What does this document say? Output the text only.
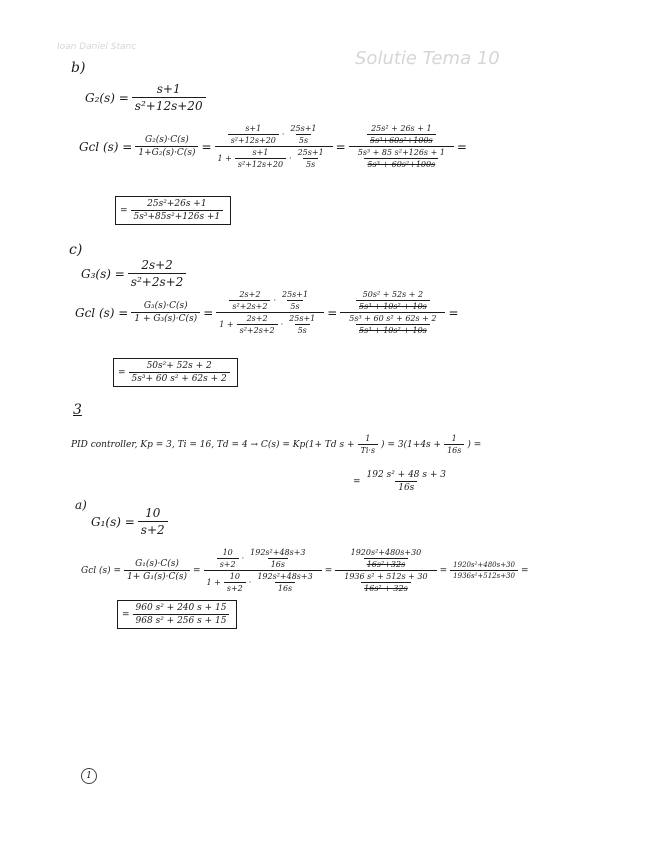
Ioan Daniel Stanc
Solutie Tema 10
b)
$G_2(s) = \frac{s+1}{\text{s²+12s+20}}$
Gcl $(s) = \frac{\text{G₂(s)·C(s)}}{\text{1+G₂(s)·C(s)}} = \frac{\frac{s+1}{\text{s²+12s+20}} \cdot \frac{25s+1}{5s}}{1 + \frac{s+1}{\text{s²+12s+20}} \cdot \frac{25s+1}{5s}} = \frac{\frac{\text{25s² + 26s + 1}}{\text{5s³+60s²+100s}}}{\frac{\text{5s³ + 85 s²+126s + 1}}{\text{5s³ + 60s²+100s}}}$ =
= $\frac{\text{25s²+26s +1}}{\text{5s³+85s²+126s +1}}$
c)
$G_3(s) = \frac{2s+2}{\text{s²+2s+2}}$
Gcl $(s) = \frac{\text{G₃(s)·C(s)}}{\text{1 + G₃(s)·C(s)}} = \frac{\frac{2s+2}{\text{s²+2s+2}} \cdot \frac{25s+1}{5s}}{1 + \frac{2s+2}{\text{s²+2s+2}} \cdot \frac{25s+1}{5s}} = \frac{\frac{\text{50s² + 52s + 2}}{\text{5s³ + 10s² + 10s}}}{\frac{\text{5s³ + 60 s² + 62s + 2}}{\text{5s³ + 10s² + 10s}}}$ =
= $\frac{\text{50s²+ 52s + 2}}{\text{5s³+ 60 s² + 62s + 2}}$
3
PID controller, Kp = 3, Ti = 16, Td = 4 → C(s) = Kp(1+ Td $s + \frac{1}{Ti\cdot s}$ ) = $3(1+4s + \frac{1}{16s}$ ) =
= $\frac{\text{192 s² + 48 s + 3}}{16s}$
a)
$G_1(s) = \frac{10}{s+2}$
Gcl $(s) = \frac{\text{G₁(s)·C(s)}}{\text{1+ G₁(s)·C(s)}} = \frac{\frac{10}{s+2} \cdot \frac{\text{192s²+48s+3}}{16s}}{1 + \frac{10}{s+2} \cdot \frac{\text{192s²+48s+3}}{16s}} = \frac{\frac{\text{1920s²+480s+30}}{\text{16s²+32s}}}{\frac{\text{1936 s² + 512s + 30}}{\text{16s² + 32s}}} = \frac{\text{1920s²+480s+30}}{\text{1936s²+512s+30}}$ =
= $\frac{\text{960 s² + 240 s + 15}}{\text{968 s² + 256 s + 15}}$
1
